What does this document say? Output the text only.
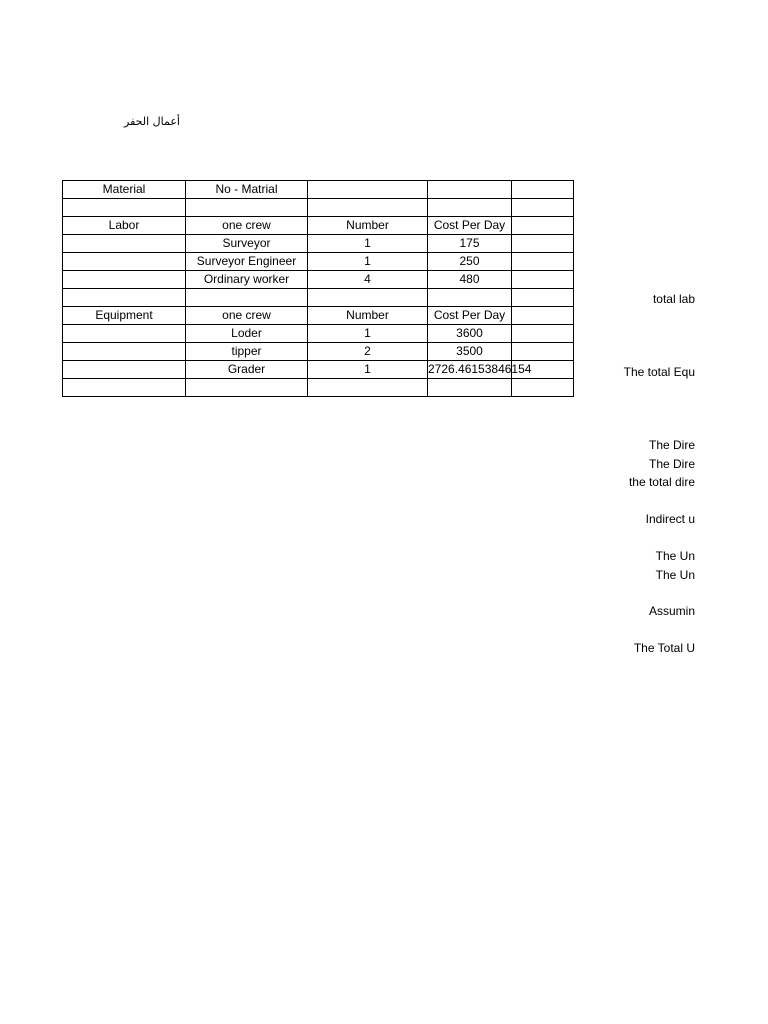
أعمال الحفر
Material	No - Matrial			

Labor	one crew	Number	Cost Per Day	
	Surveyor	1	175	
	Surveyor Engineer	1	250	
	Ordinary worker	4	480	

Equipment	one crew	Number	Cost Per Day	
	Loder	1	3600	
	tipper	2	3500	
	Grader	1	2726.46153846154	

total lab
The total Equ
The Dire
The Dire
the total dire
Indirect u
The Un
The Un
Assumin
The Total U
